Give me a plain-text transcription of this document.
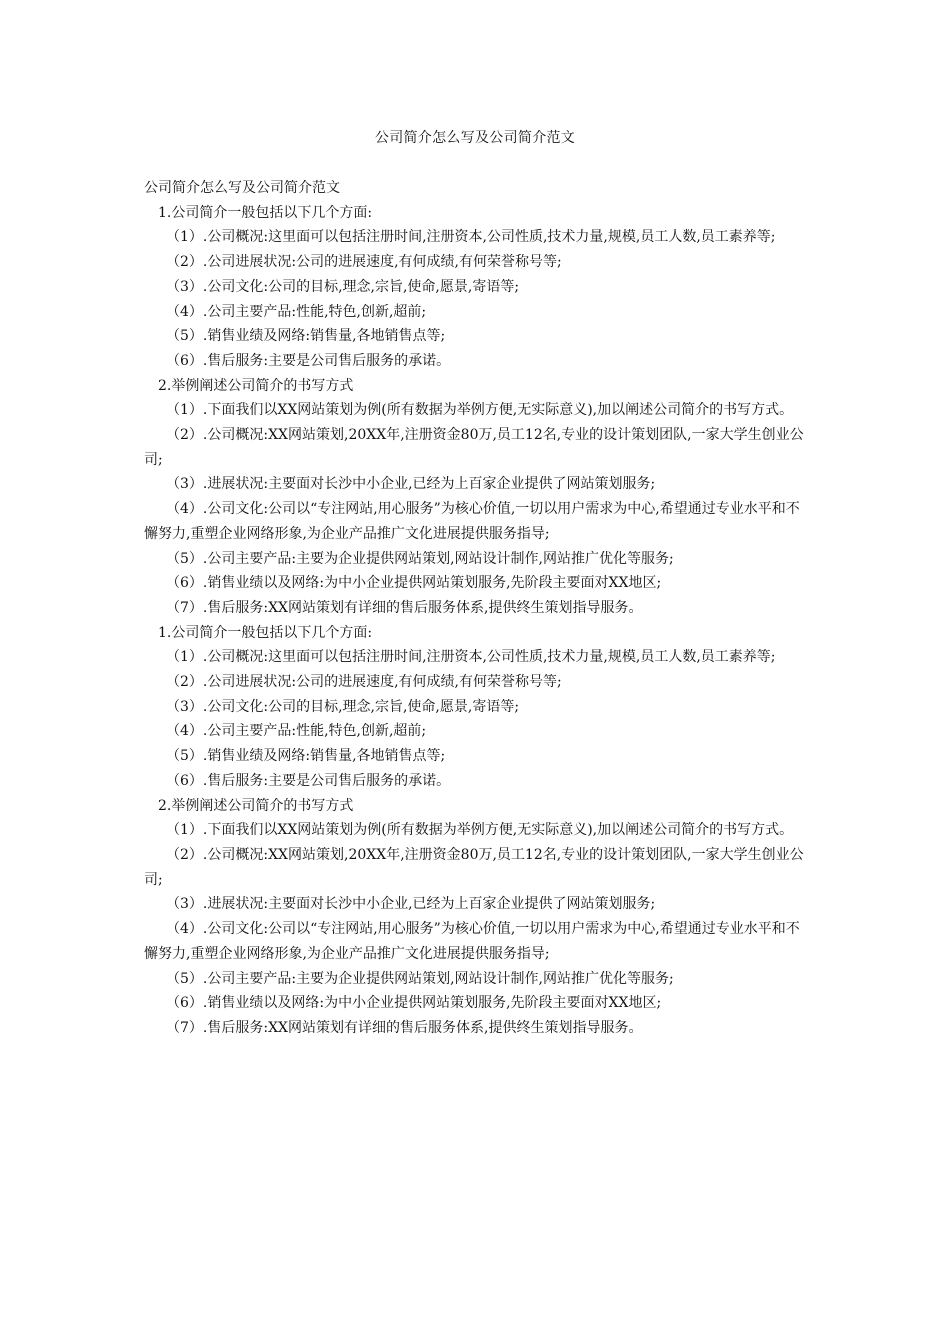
公司简介怎么写及公司简介范文

公司简介怎么写及公司简介范文

1.公司简介一般包括以下几个方面:

（1）.公司概况:这里面可以包括注册时间,注册资本,公司性质,技术力量,规模,员工人数,员工素养等;

（2）.公司进展状况:公司的进展速度,有何成绩,有何荣誉称号等;

（3）.公司文化:公司的目标,理念,宗旨,使命,愿景,寄语等;

（4）.公司主要产品:性能,特色,创新,超前;

（5）.销售业绩及网络:销售量,各地销售点等;

（6）.售后服务:主要是公司售后服务的承诺。

2.举例阐述公司简介的书写方式

（1）.下面我们以XX网站策划为例(所有数据为举例方便,无实际意义),加以阐述公司简介的书写方式。

（2）.公司概况:XX网站策划,20XX年,注册资金80万,员工12名,专业的设计策划团队,一家大学生创业公司;

（3）.进展状况:主要面对长沙中小企业,已经为上百家企业提供了网站策划服务;

（4）.公司文化:公司以“专注网站,用心服务”为核心价值,一切以用户需求为中心,希望通过专业水平和不懈努力,重塑企业网络形象,为企业产品推广文化进展提供服务指导;

（5）.公司主要产品:主要为企业提供网站策划,网站设计制作,网站推广优化等服务;

（6）.销售业绩以及网络:为中小企业提供网站策划服务,先阶段主要面对XX地区;

（7）.售后服务:XX网站策划有详细的售后服务体系,提供终生策划指导服务。

1.公司简介一般包括以下几个方面:

（1）.公司概况:这里面可以包括注册时间,注册资本,公司性质,技术力量,规模,员工人数,员工素养等;

（2）.公司进展状况:公司的进展速度,有何成绩,有何荣誉称号等;

（3）.公司文化:公司的目标,理念,宗旨,使命,愿景,寄语等;

（4）.公司主要产品:性能,特色,创新,超前;

（5）.销售业绩及网络:销售量,各地销售点等;

（6）.售后服务:主要是公司售后服务的承诺。

2.举例阐述公司简介的书写方式

（1）.下面我们以XX网站策划为例(所有数据为举例方便,无实际意义),加以阐述公司简介的书写方式。

（2）.公司概况:XX网站策划,20XX年,注册资金80万,员工12名,专业的设计策划团队,一家大学生创业公司;

（3）.进展状况:主要面对长沙中小企业,已经为上百家企业提供了网站策划服务;

（4）.公司文化:公司以“专注网站,用心服务”为核心价值,一切以用户需求为中心,希望通过专业水平和不懈努力,重塑企业网络形象,为企业产品推广文化进展提供服务指导;

（5）.公司主要产品:主要为企业提供网站策划,网站设计制作,网站推广优化等服务;

（6）.销售业绩以及网络:为中小企业提供网站策划服务,先阶段主要面对XX地区;

（7）.售后服务:XX网站策划有详细的售后服务体系,提供终生策划指导服务。
